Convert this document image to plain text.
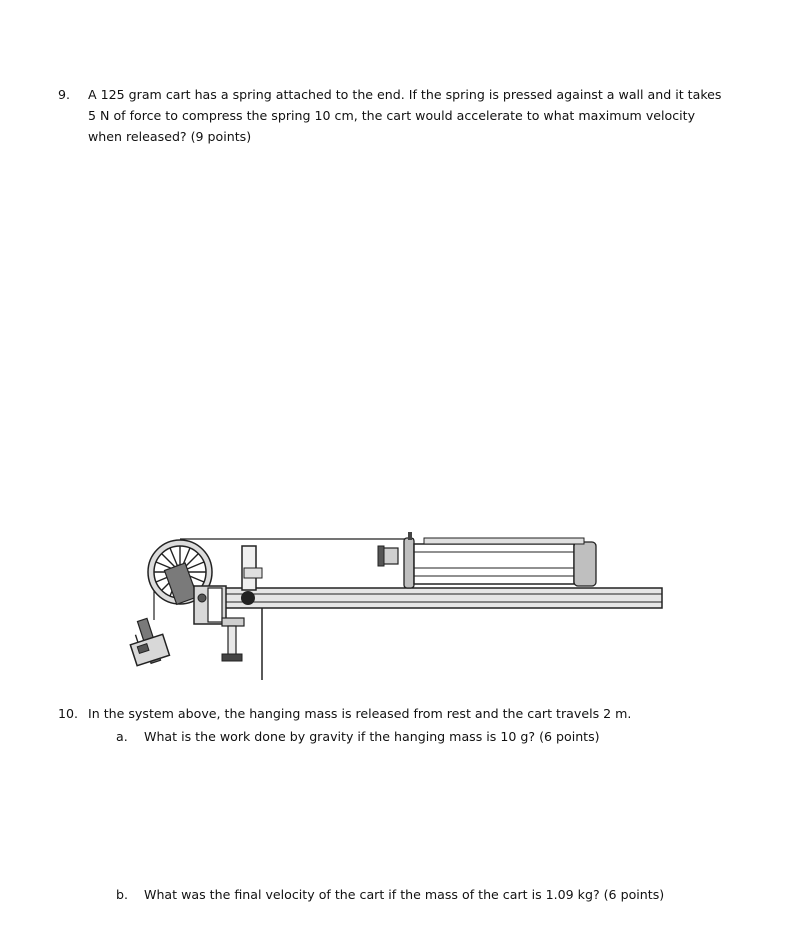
9. A 125 gram cart has a spring attached to the end. If the spring is pressed against a wall and it takes
5 N of force to compress the spring 10 cm, the cart would accelerate to what maximum velocity
when released? (9 points)
10. In the system above, the hanging mass is released from rest and the cart travels 2 m.
a. What is the work done by gravity if the hanging mass is 10 g? (6 points)
b. What was the final velocity of the cart if the mass of the cart is 1.09 kg? (6 points)
